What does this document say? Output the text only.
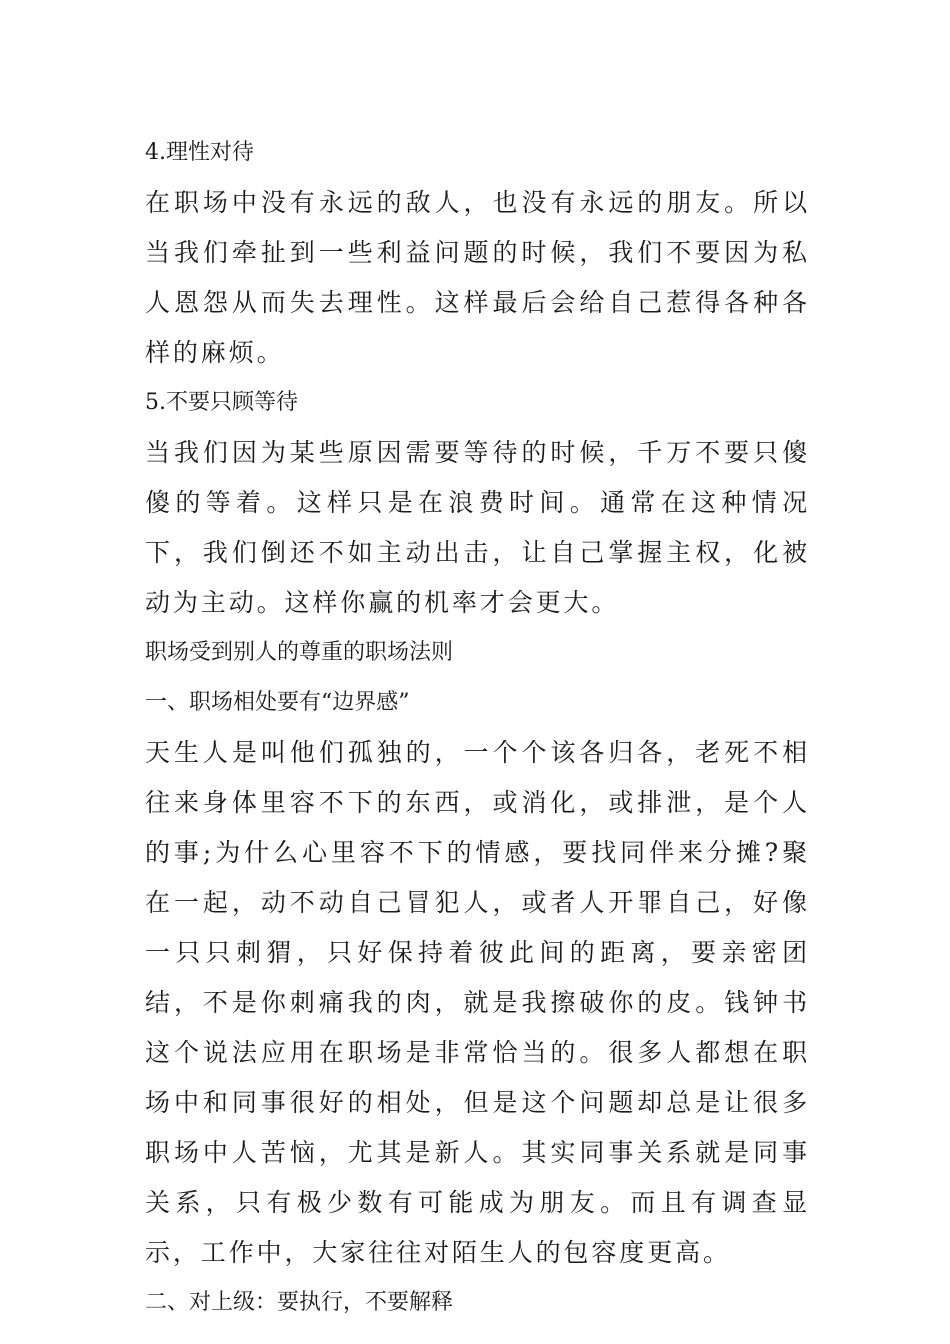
4.理性对待

在职场中没有永远的敌人，也没有永远的朋友。所以当我们牵扯到一些利益问题的时候，我们不要因为私人恩怨从而失去理性。这样最后会给自己惹得各种各样的麻烦。

5.不要只顾等待

当我们因为某些原因需要等待的时候，千万不要只傻傻的等着。这样只是在浪费时间。通常在这种情况下，我们倒还不如主动出击，让自己掌握主权，化被动为主动。这样你赢的机率才会更大。

职场受到别人的尊重的职场法则
一、职场相处要有“边界感”

天生人是叫他们孤独的，一个个该各归各，老死不相往来身体里容不下的东西，或消化，或排泄，是个人的事;为什么心里容不下的情感，要找同伴来分摊?聚在一起，动不动自己冒犯人，或者人开罪自己，好像一只只刺猬，只好保持着彼此间的距离，要亲密团结，不是你刺痛我的肉，就是我擦破你的皮。钱钟书这个说法应用在职场是非常恰当的。很多人都想在职场中和同事很好的相处，但是这个问题却总是让很多职场中人苦恼，尤其是新人。其实同事关系就是同事关系，只有极少数有可能成为朋友。而且有调查显示，工作中，大家往往对陌生人的包容度更高。

二、对上级：要执行，不要解释
